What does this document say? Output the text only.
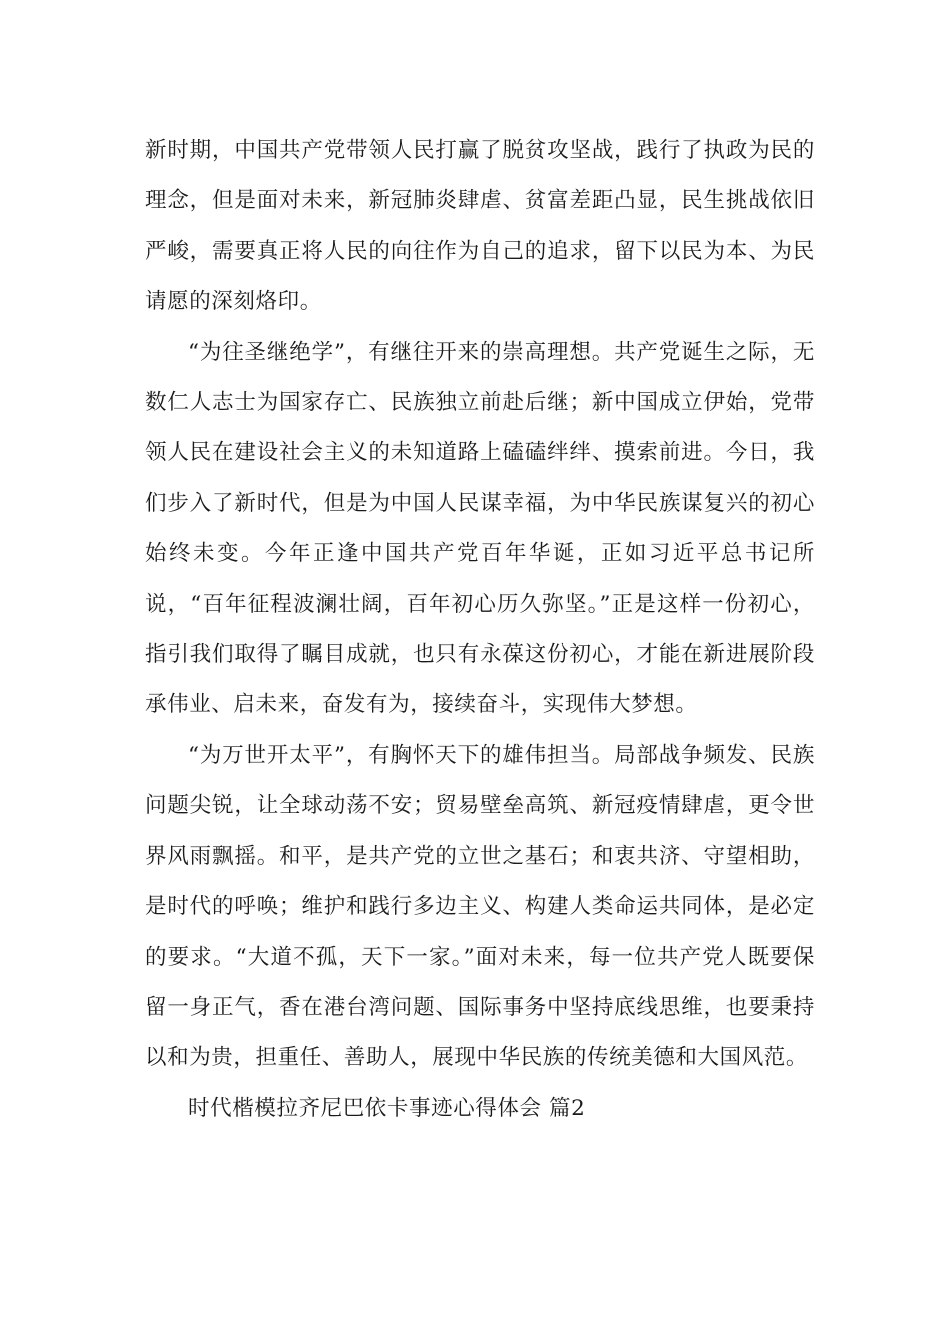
新时期，中国共产党带领人民打赢了脱贫攻坚战，践行了执政为民的理念，但是面对未来，新冠肺炎肆虐、贫富差距凸显，民生挑战依旧严峻，需要真正将人民的向往作为自己的追求，留下以民为本、为民请愿的深刻烙印。

“为往圣继绝学”，有继往开来的崇高理想。共产党诞生之际，无数仁人志士为国家存亡、民族独立前赴后继；新中国成立伊始，党带领人民在建设社会主义的未知道路上磕磕绊绊、摸索前进。今日，我们步入了新时代，但是为中国人民谋幸福，为中华民族谋复兴的初心始终未变。今年正逢中国共产党百年华诞，正如习近平总书记所说，“百年征程波澜壮阔，百年初心历久弥坚。”正是这样一份初心，指引我们取得了瞩目成就，也只有永葆这份初心，才能在新进展阶段承伟业、启未来，奋发有为，接续奋斗，实现伟大梦想。

“为万世开太平”，有胸怀天下的雄伟担当。局部战争频发、民族问题尖锐，让全球动荡不安；贸易壁垒高筑、新冠疫情肆虐，更令世界风雨飘摇。和平，是共产党的立世之基石；和衷共济、守望相助，是时代的呼唤；维护和践行多边主义、构建人类命运共同体，是必定的要求。“大道不孤，天下一家。”面对未来，每一位共产党人既要保留一身正气，香在港台湾问题、国际事务中坚持底线思维，也要秉持以和为贵，担重任、善助人，展现中华民族的传统美德和大国风范。

时代楷模拉齐尼巴依卡事迹心得体会 篇2
